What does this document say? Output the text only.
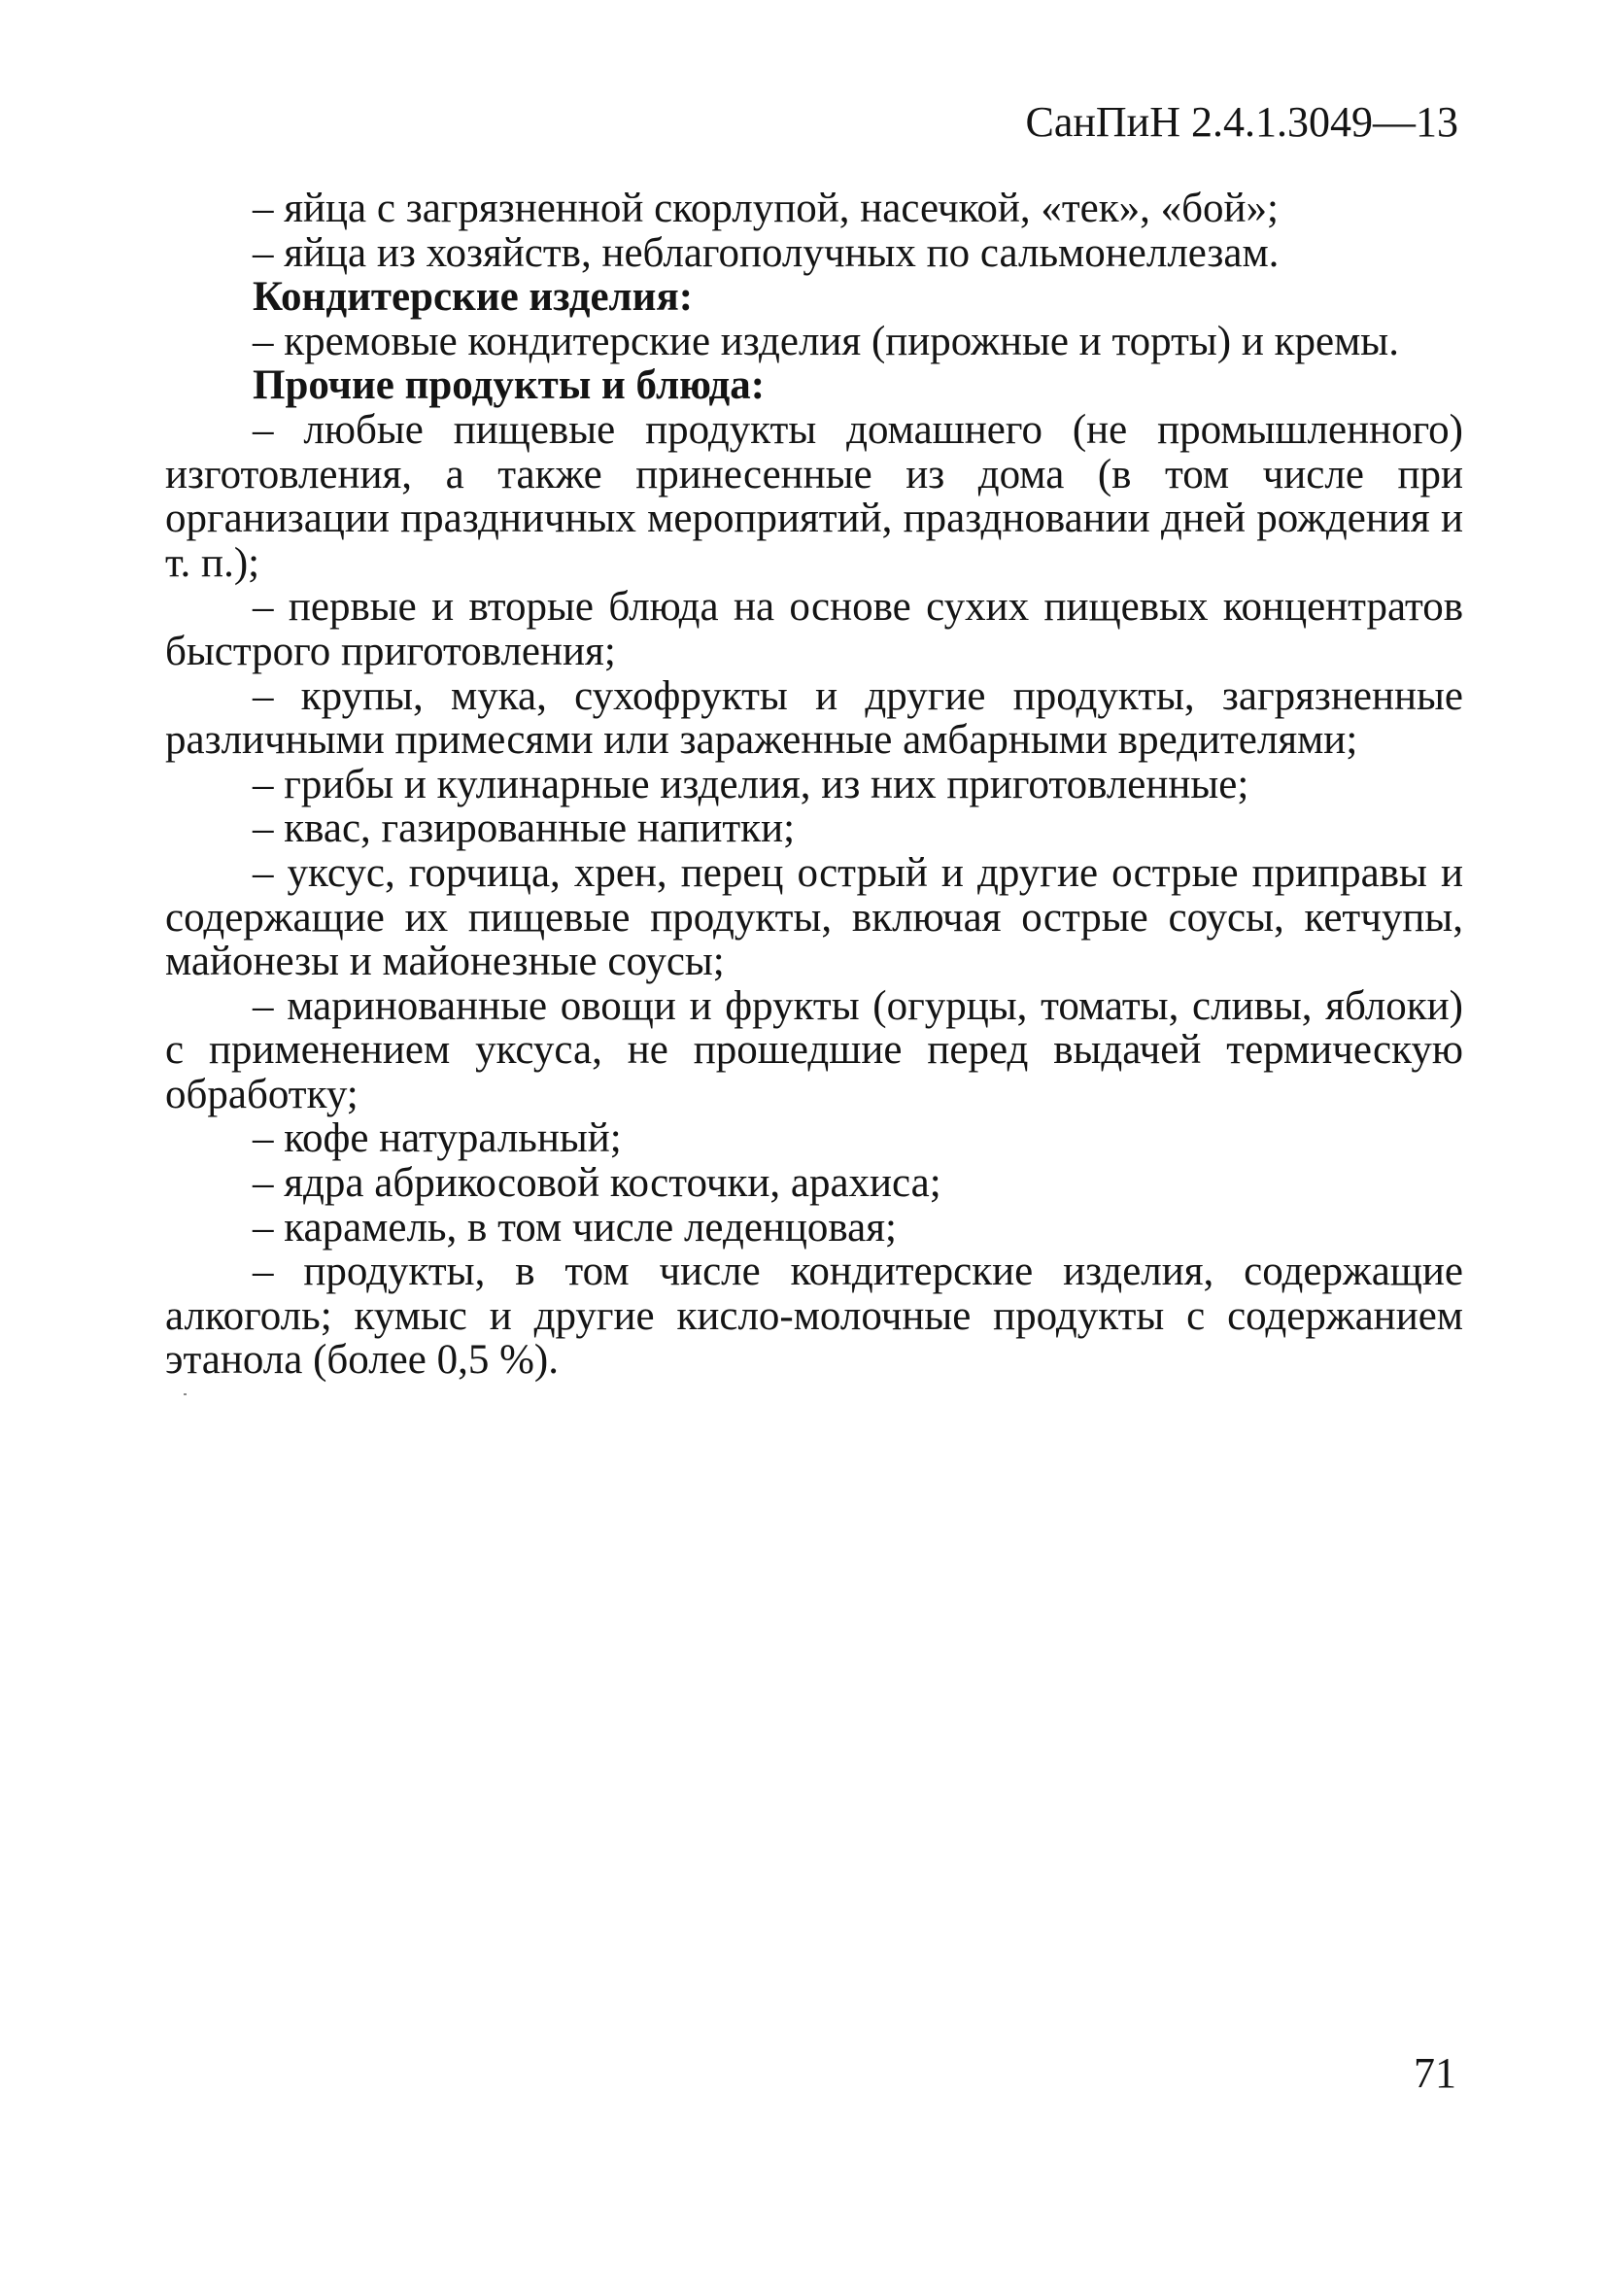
СанПиН 2.4.1.3049—13

– яйца с загрязненной скорлупой, насечкой, «тек», «бой»;

– яйца из хозяйств, неблагополучных по сальмонеллезам.

Кондитерские изделия:

– кремовые кондитерские изделия (пирожные и торты) и кремы.

Прочие продукты и блюда:

– любые пищевые продукты домашнего (не промышленного) изготовления, а также принесенные из дома (в том числе при организации праздничных мероприятий, праздновании дней рождения и т. п.);

– первые и вторые блюда на основе сухих пищевых концентратов быстрого приготовления;

– крупы, мука, сухофрукты и другие продукты, загрязненные различными примесями или зараженные амбарными вредителями;

– грибы и кулинарные изделия, из них приготовленные;

– квас, газированные напитки;

– уксус, горчица, хрен, перец острый и другие острые приправы и содержащие их пищевые продукты, включая острые соусы, кетчупы, майонезы и майонезные соусы;

– маринованные овощи и фрукты (огурцы, томаты, сливы, яблоки) с применением уксуса, не прошедшие перед выдачей термическую обработку;

– кофе натуральный;

– ядра абрикосовой косточки, арахиса;

– карамель, в том числе леденцовая;

– продукты, в том числе кондитерские изделия, содержащие алкоголь; кумыс и другие кисло-молочные продукты с содержанием этанола (более 0,5 %).

71
